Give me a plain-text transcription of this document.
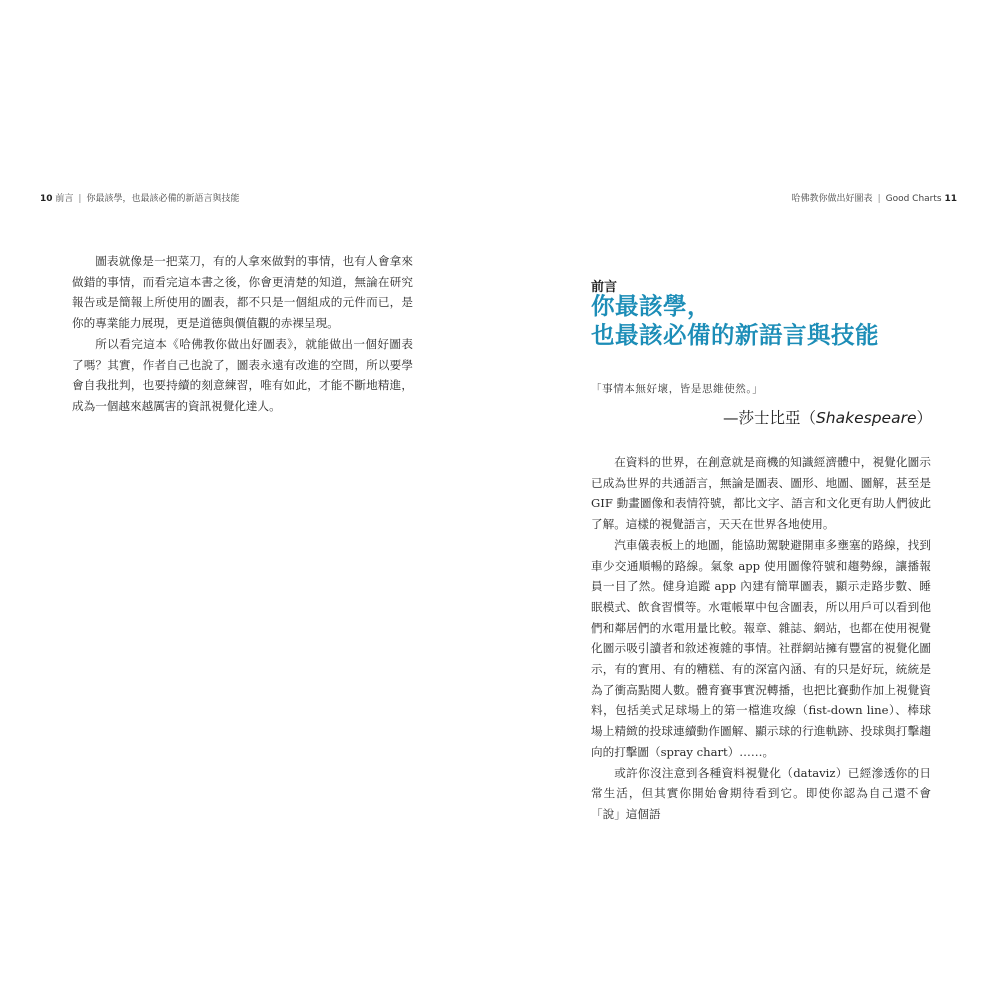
10 前言 | 你最該學，也最該必備的新語言與技能

圖表就像是一把菜刀，有的人拿來做對的事情，也有人會拿來做錯的事情，而看完這本書之後，你會更清楚的知道，無論在研究報告或是簡報上所使用的圖表，都不只是一個組成的元件而已，是你的專業能力展現，更是道德與價值觀的赤裸呈現。

所以看完這本《哈佛教你做出好圖表》，就能做出一個好圖表了嗎？其實，作者自己也說了，圖表永遠有改進的空間，所以要學會自我批判，也要持續的刻意練習，唯有如此，才能不斷地精進，成為一個越來越厲害的資訊視覺化達人。

哈佛教你做出好圖表 | Good Charts 11
前言
你最該學，
也最該必備的新語言與技能
「事情本無好壞，皆是思維使然。」
—莎士比亞（Shakespeare）

在資料的世界，在創意就是商機的知識經濟體中，視覺化圖示已成為世界的共通語言，無論是圖表、圖形、地圖、圖解，甚至是 GIF 動畫圖像和表情符號，都比文字、語言和文化更有助人們彼此了解。這樣的視覺語言，天天在世界各地使用。

汽車儀表板上的地圖，能協助駕駛避開車多壅塞的路線，找到車少交通順暢的路線。氣象 app 使用圖像符號和趨勢線，讓播報員一目了然。健身追蹤 app 內建有簡單圖表，顯示走路步數、睡眠模式、飲食習慣等。水電帳單中包含圖表，所以用戶可以看到他們和鄰居們的水電用量比較。報章、雜誌、網站，也都在使用視覺化圖示吸引讀者和敘述複雜的事情。社群網站擁有豐富的視覺化圖示，有的實用、有的糟糕、有的深富內涵、有的只是好玩，統統是為了衝高點閱人數。體育賽事實況轉播，也把比賽動作加上視覺資料，包括美式足球場上的第一檔進攻線（fist-down line）、棒球場上精緻的投球連續動作圖解、顯示球的行進軌跡、投球與打擊趨向的打擊圖（spray chart）……。

或許你沒注意到各種資料視覺化（dataviz）已經滲透你的日常生活，但其實你開始會期待看到它。即使你認為自己還不會「說」這個語
